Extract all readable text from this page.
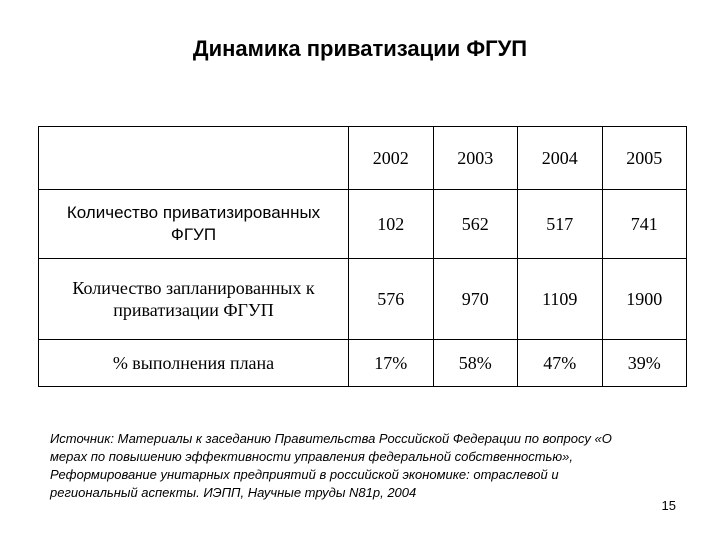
Динамика приватизации ФГУП
	2002	2003	2004	2005
Количество приватизированных
ФГУП	102	562	517	741
Количество запланированных к
приватизации ФГУП	576	970	1109	1900
% выполнения плана	17%	58%	47%	39%
Источник: Материалы к заседанию Правительства Российской Федерации по вопросу «О
мерах по повышению эффективности управления федеральной собственностью»,
Реформирование унитарных предприятий в российской экономике: отраслевой и
региональный аспекты. ИЭПП, Научные труды N81р, 2004
15
